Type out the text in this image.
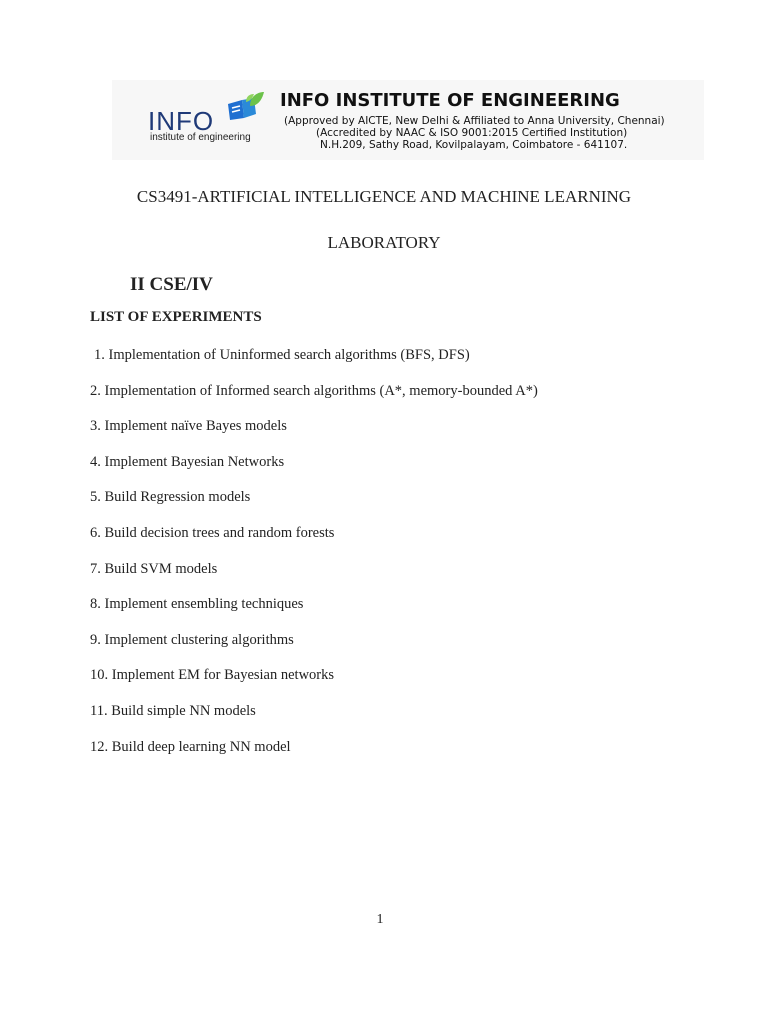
INFO
institute of engineering
INFO INSTITUTE OF ENGINEERING
(Approved by AICTE, New Delhi & Affiliated to Anna University, Chennai)
(Accredited by NAAC & ISO 9001:2015 Certified Institution)
N.H.209, Sathy Road, Kovilpalayam, Coimbatore - 641107.
CS3491-ARTIFICIAL INTELLIGENCE AND MACHINE LEARNING
LABORATORY
II CSE/IV
LIST OF EXPERIMENTS
1. Implementation of Uninformed search algorithms (BFS, DFS)
2. Implementation of Informed search algorithms (A*, memory-bounded A*)
3. Implement naïve Bayes models
4. Implement Bayesian Networks
5. Build Regression models
6. Build decision trees and random forests
7. Build SVM models
8. Implement ensembling techniques
9. Implement clustering algorithms
10. Implement EM for Bayesian networks
11. Build simple NN models
12. Build deep learning NN model
1
